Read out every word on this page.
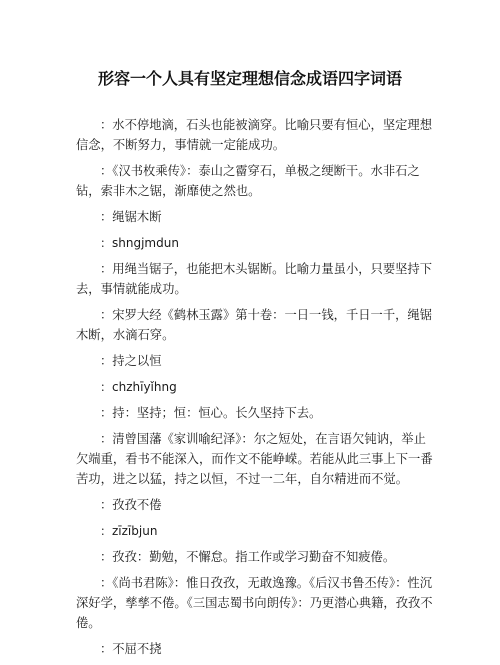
形容一个人具有坚定理想信念成语四字词语

：水不停地滴，石头也能被滴穿。比喻只要有恒心，坚定理想信念，不断努力，事情就一定能成功。

：《汉书枚乘传》：泰山之霤穿石，单极之绠断干。水非石之钻，索非木之锯，渐靡使之然也。

：绳锯木断

：shngjmdun

：用绳当锯子，也能把木头锯断。比喻力量虽小，只要坚持下去，事情就能成功。

：宋罗大经《鹤林玉露》第十卷：一日一钱，千日一千，绳锯木断，水滴石穿。

：持之以恒

：chzhīyǐhng

：持：坚持；恒：恒心。长久坚持下去。

：清曾国藩《家训喻纪泽》：尔之短处，在言语欠钝讷，举止欠端重，看书不能深入，而作文不能峥嵘。若能从此三事上下一番苦功，进之以猛，持之以恒，不过一二年，自尔精进而不觉。

：孜孜不倦

：zīzībjun

：孜孜：勤勉，不懈怠。指工作或学习勤奋不知疲倦。

：《尚书君陈》：惟日孜孜，无敢逸豫。《后汉书鲁丕传》：性沉深好学，孳孳不倦。《三国志蜀书向朗传》：乃更潜心典籍，孜孜不倦。

：不屈不挠
